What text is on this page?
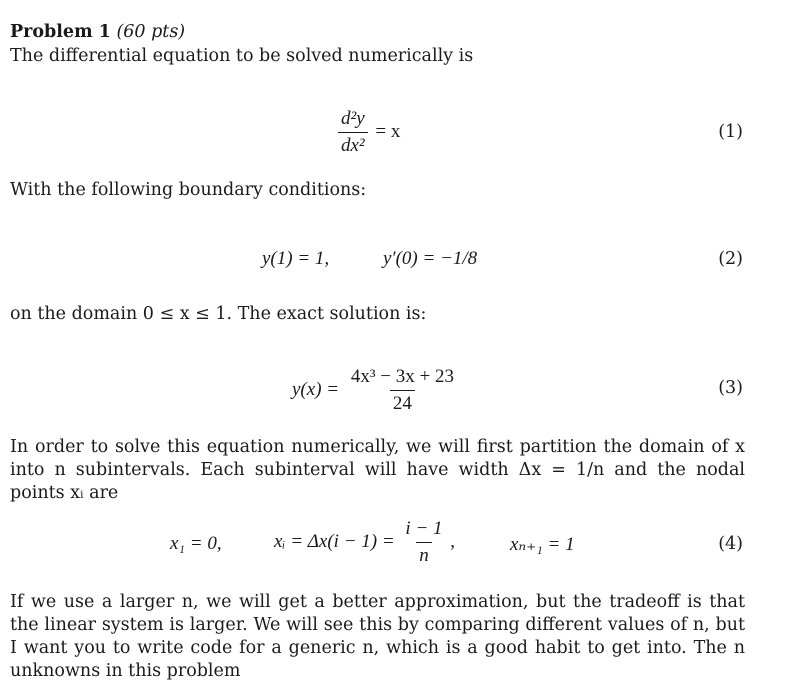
Problem 1 (60 pts)
The differential equation to be solved numerically is
$\frac{\text{d²y}}{\text{dx²}} = x$	(1)
With the following boundary conditions:
y(1) = 1,	y′(0) = −1/8	(2)
on the domain 0 ≤ x ≤ 1. The exact solution is:
$y(x) = \frac{\text{4x³ − 3x + 23}}{24}$	(3)
In order to solve this equation numerically, we will first partition the domain of x into n subintervals. Each subinterval will have width Δx = 1/n and the nodal points xᵢ are
x₁ = 0,	xᵢ = $\Delta x(i - 1) = \frac{i - 1}{n}$ ,	xₙ₊₁ = 1	(4)
If we use a larger n, we will get a better approximation, but the tradeoff is that the linear system is larger. We will see this by comparing different values of n, but I want you to write code for a generic n, which is a good habit to get into. The n unknowns in this problem
